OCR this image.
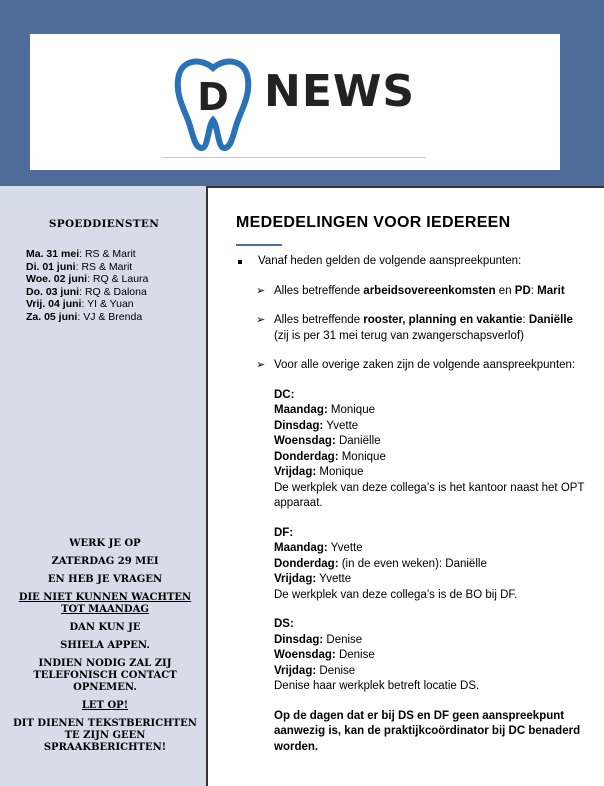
D NEWS
SPOEDDIENSTEN
Ma. 31 mei: RS & Marit
Di. 01 juni: RS & Marit
Woe. 02 juni: RQ & Laura
Do. 03 juni: RQ & Dalona
Vrij. 04 juni: YI & Yuan
Za. 05 juni: VJ & Brenda

WERK JE OP

ZATERDAG 29 MEI

EN HEB JE VRAGEN

DIE NIET KUNNEN WACHTEN TOT MAANDAG

DAN KUN JE

SHIELA APPEN.

INDIEN NODIG ZAL ZIJ TELEFONISCH CONTACT OPNEMEN.

LET OP!

DIT DIENEN TEKSTBERICHTEN TE ZIJN GEEN SPRAAKBERICHTEN!

MEDEDELINGEN VOOR IEDEREEN
Vanaf heden gelden de volgende aanspreekpunten:
➢ Alles betreffende arbeidsovereenkomsten en PD: Marit
➢ Alles betreffende rooster, planning en vakantie: Daniëlle
(zij is per 31 mei terug van zwangerschapsverlof)
➢ Voor alle overige zaken zijn de volgende aanspreekpunten:
DC:
Maandag: Monique
Dinsdag: Yvette
Woensdag: Daniëlle
Donderdag: Monique
Vrijdag: Monique
De werkplek van deze collega’s is het kantoor naast het OPT apparaat.
DF:
Maandag: Yvette
Donderdag: (in de even weken): Daniëlle
Vrijdag: Yvette
De werkplek van deze collega’s is de BO bij DF.
DS:
Dinsdag: Denise
Woensdag: Denise
Vrijdag: Denise
Denise haar werkplek betreft locatie DS.
Op de dagen dat er bij DS en DF geen aanspreekpunt aanwezig is, kan de praktijkcoördinator bij DC benaderd worden.
